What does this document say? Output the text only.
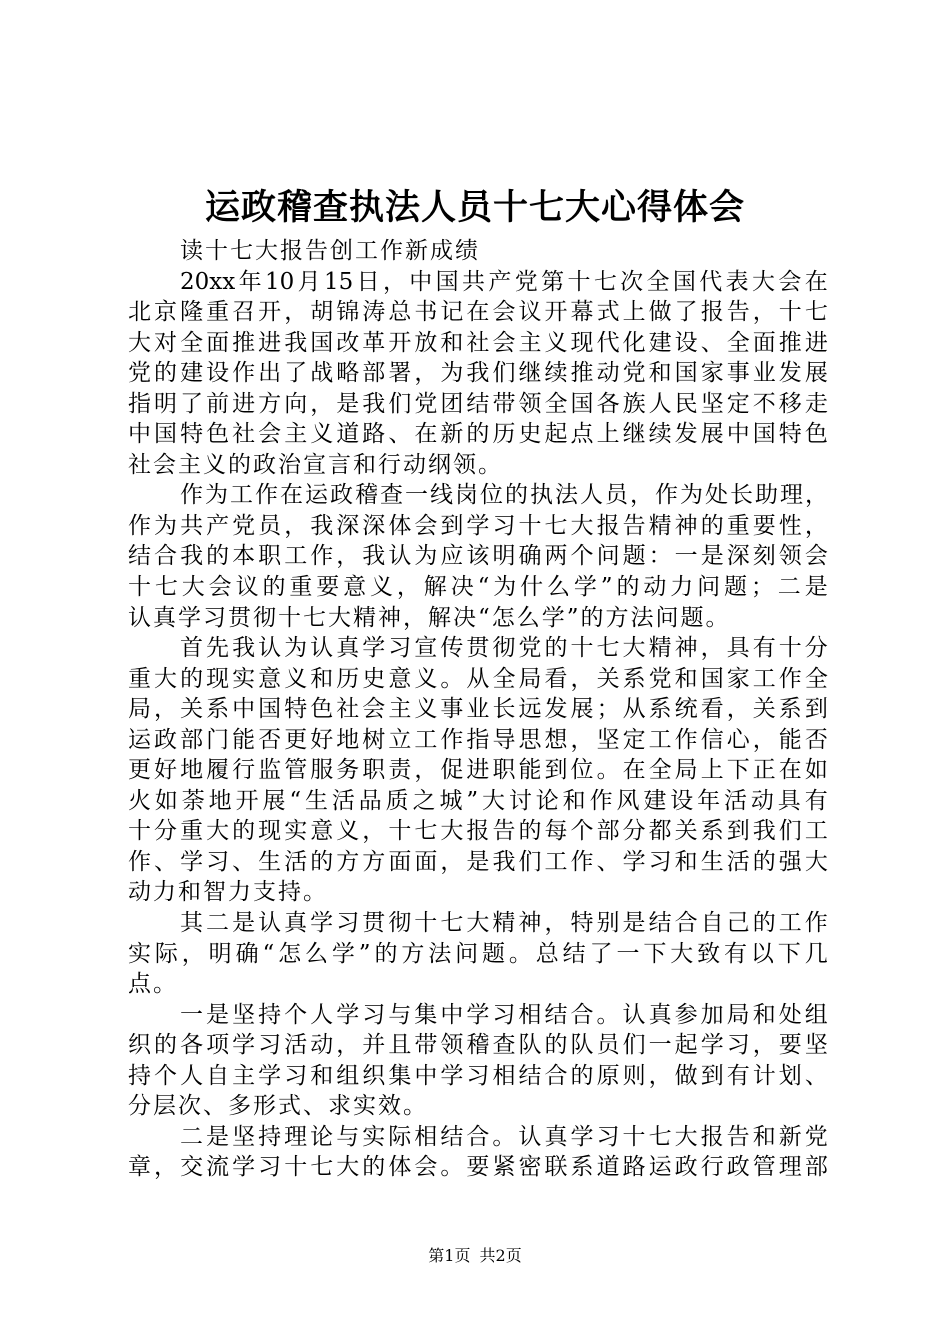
运政稽查执法人员十七大心得体会
读十七大报告创工作新成绩
20xx 年 10 月 15 日 ， 中 国 共 产 党 第 十 七 次 全 国 代 表 大 会 在
北 京 隆 重 召 开 ， 胡 锦 涛 总 书 记 在 会 议 开 幕 式 上 做 了 报 告 ， 十 七
大 对 全 面 推 进 我 国 改 革 开 放 和 社 会 主 义 现 代 化 建 设 、 全 面 推 进
党 的 建 设 作 出 了 战 略 部 署 ， 为 我 们 继 续 推 动 党 和 国 家 事 业 发 展
指 明 了 前 进 方 向 ， 是 我 们 党 团 结 带 领 全 国 各 族 人 民 坚 定 不 移 走
中 国 特 色 社 会 主 义 道 路 、 在 新 的 历 史 起 点 上 继 续 发 展 中 国 特 色
社会主义的政治宣言和行动纲领。
作 为 工 作 在 运 政 稽 查 一 线 岗 位 的 执 法 人 员 ， 作 为 处 长 助 理 ，
作 为 共 产 党 员 ， 我 深 深 体 会 到 学 习 十 七 大 报 告 精 神 的 重 要 性 ，
结 合 我 的 本 职 工 作 ， 我 认 为 应 该 明 确 两 个 问 题 ： 一 是 深 刻 领 会
十 七 大 会 议 的 重 要 意 义 ， 解 决 “ 为 什 么 学 ” 的 动 力 问 题 ； 二 是
认真学习贯彻十七大精神，解决“怎么学”的方法问题。
首 先 我 认 为 认 真 学 习 宣 传 贯 彻 党 的 十 七 大 精 神 ， 具 有 十 分
重 大 的 现 实 意 义 和 历 史 意 义 。 从 全 局 看 ， 关 系 党 和 国 家 工 作 全
局 ， 关 系 中 国 特 色 社 会 主 义 事 业 长 远 发 展 ； 从 系 统 看 ， 关 系 到
运 政 部 门 能 否 更 好 地 树 立 工 作 指 导 思 想 ， 坚 定 工 作 信 心 ， 能 否
更 好 地 履 行 监 管 服 务 职 责 ， 促 进 职 能 到 位 。 在 全 局 上 下 正 在 如
火 如 荼 地 开 展 “ 生 活 品 质 之 城 ” 大 讨 论 和 作 风 建 设 年 活 动 具 有
十 分 重 大 的 现 实 意 义 ， 十 七 大 报 告 的 每 个 部 分 都 关 系 到 我 们 工
作 、 学 习 、 生 活 的 方 方 面 面 ， 是 我 们 工 作 、 学 习 和 生 活 的 强 大
动力和智力支持。
其 二 是 认 真 学 习 贯 彻 十 七 大 精 神 ， 特 别 是 结 合 自 己 的 工 作
实 际 ， 明 确 “ 怎 么 学 ” 的 方 法 问 题 。 总 结 了 一 下 大 致 有 以 下 几
点。
一 是 坚 持 个 人 学 习 与 集 中 学 习 相 结 合 。 认 真 参 加 局 和 处 组
织 的 各 项 学 习 活 动 ， 并 且 带 领 稽 查 队 的 队 员 们 一 起 学 习 ， 要 坚
持 个 人 自 主 学 习 和 组 织 集 中 学 习 相 结 合 的 原 则 ， 做 到 有 计 划 、
分层次、多形式、求实效。
二 是 坚 持 理 论 与 实 际 相 结 合 。 认 真 学 习 十 七 大 报 告 和 新 党
章 ， 交 流 学 习 十 七 大 的 体 会 。 要 紧 密 联 系 道 路 运 政 行 政 管 理 部
第1页 共2页
